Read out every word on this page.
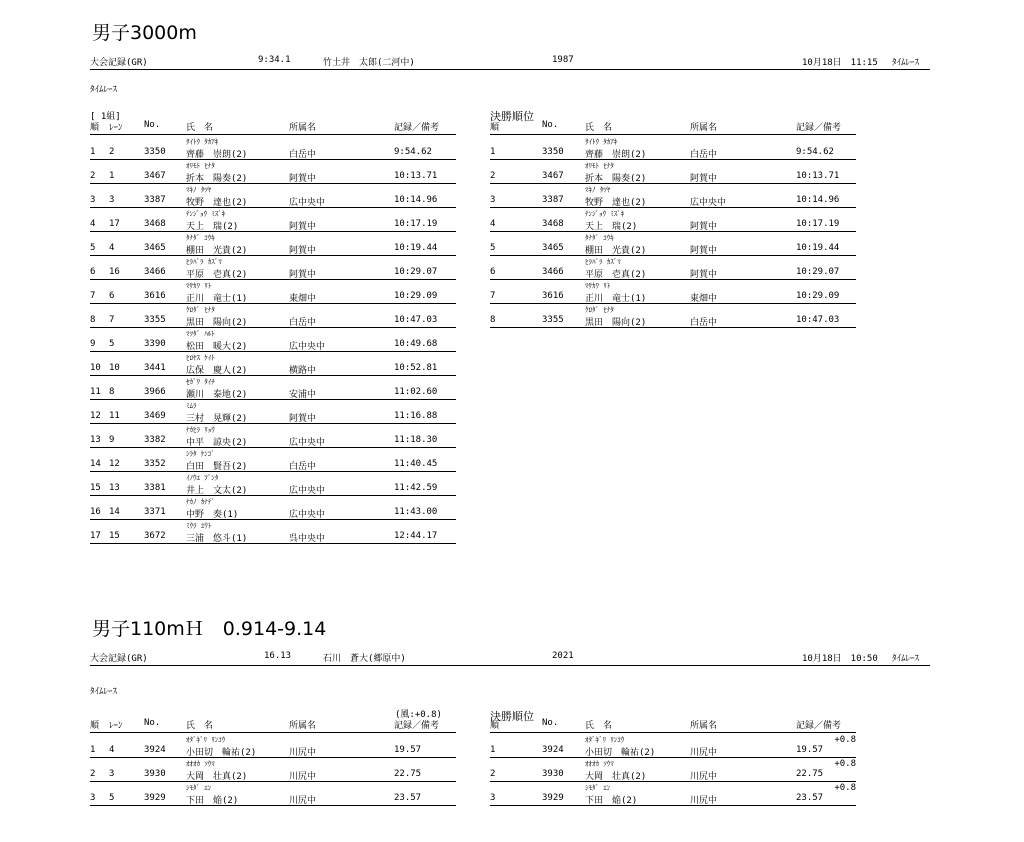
男子3000m
大会記録(GR)	9:34.1	竹土井　太郎(二河中)	1987	10月18日　11:15 ﾀｲﾑﾚｰｽ
ﾀｲﾑﾚｰｽ
[ 1組]
順 ﾚｰﾝ No.	氏　名	所属名	記録／備考
ｻｲﾄｳ ﾀｶｱｷ
1 2	3350 齊藤　崇朗(2)	白岳中	9:54.62
ｵﾘﾓﾄ ﾋﾅﾀ
2 1	3467 折本　陽奏(2)	阿賀中	10:13.71
ﾏｷﾉ ﾀﾂﾔ
3 3	3387 牧野　達也(2)	広中央中	10:14.96
ﾃﾝｼﾞｮｳ ﾐｽﾞｷ
4 17	3468 天上　瑞(2)	阿賀中	10:17.19
ﾀﾅﾀﾞ ｺｳｷ
5 4	3465 棚田　光貴(2)	阿賀中	10:19.44
ﾋﾗﾊﾞﾗ ｶｽﾞﾏ
6 16	3466 平原　壱真(2)	阿賀中	10:29.07
ﾏｻｶﾜ ﾘﾄ
7 6	3616 正川　竜士(1)	東畑中	10:29.09
ｸﾛﾀﾞ ﾋﾅﾀ
8 7	3355 黒田　陽向(2)	白岳中	10:47.03
ﾏﾂﾀﾞ ﾊﾙﾄ
9 5	3390 松田　暖大(2)	広中央中	10:49.68
ﾋﾛﾔｽ ｹｲﾄ
10 10	3441 広保　慶人(2)	横路中	10:52.81
ｾｶﾞﾜ ﾀｲﾁ
11 8	3966 瀬川　泰地(2)	安浦中	11:02.60
ﾐﾑﾗ
12 11	3469 三村　晃輝(2)	阿賀中	11:16.88
ﾅｶﾋﾗ ﾘｮｳ
13 9	3382 中平　諒央(2)	広中央中	11:18.30
ｼﾗﾀ ｹﾝｺﾞ
14 12	3352 白田　賢吾(2)	白岳中	11:40.45
ｲﾉｳｴ ﾌﾞﾝﾀ
15 13	3381 井上　文太(2)	広中央中	11:42.59
ﾅｶﾉ ｶﾅﾃﾞ
16 14	3371 中野　奏(1)	広中央中	11:43.00
ﾐｳﾗ ﾕｳﾄ
17 15	3672 三浦　悠斗(1)	呉中央中	12:44.17
決勝順位
順	No.	氏　名	所属名	記録／備考
ｻｲﾄｳ ﾀｶｱｷ
1	3350 齊藤　崇朗(2)	白岳中	9:54.62
ｵﾘﾓﾄ ﾋﾅﾀ
2	3467 折本　陽奏(2)	阿賀中	10:13.71
ﾏｷﾉ ﾀﾂﾔ
3	3387 牧野　達也(2)	広中央中	10:14.96
ﾃﾝｼﾞｮｳ ﾐｽﾞｷ
4	3468 天上　瑞(2)	阿賀中	10:17.19
ﾀﾅﾀﾞ ｺｳｷ
5	3465 棚田　光貴(2)	阿賀中	10:19.44
ﾋﾗﾊﾞﾗ ｶｽﾞﾏ
6	3466 平原　壱真(2)	阿賀中	10:29.07
ﾏｻｶﾜ ﾘﾄ
7	3616 正川　竜士(1)	東畑中	10:29.09
ｸﾛﾀﾞ ﾋﾅﾀ
8	3355 黒田　陽向(2)	白岳中	10:47.03
男子110mＨ　0.914-9.14
大会記録(GR)	16.13	石川　蒼大(郷原中)	2021	10月18日　10:50 ﾀｲﾑﾚｰｽ
ﾀｲﾑﾚｰｽ
(風:+0.8)
順 ﾚｰﾝ No.	氏　名	所属名	記録／備考
ｵﾀﾞｷﾞﾘ ﾘﾝｺｳ
1 4	3924 小田切　輪祐(2)	川尻中	19.57
ｵｵｵｶ ｿｳﾏ
2 3	3930 大岡　壮真(2)	川尻中	22.75
ｼﾓﾀﾞ ｴﾝ
3 5	3929 下田　焔(2)	川尻中	23.57
決勝順位
順	No.	氏　名	所属名	記録／備考
ｵﾀﾞｷﾞﾘ ﾘﾝｺｳ
1	3924 小田切　輪祐(2)	川尻中	19.57
+0.8
ｵｵｵｶ ｿｳﾏ
2	3930 大岡　壮真(2)	川尻中	22.75
+0.8
ｼﾓﾀﾞ ｴﾝ
3	3929 下田　焔(2)	川尻中	23.57
+0.8
